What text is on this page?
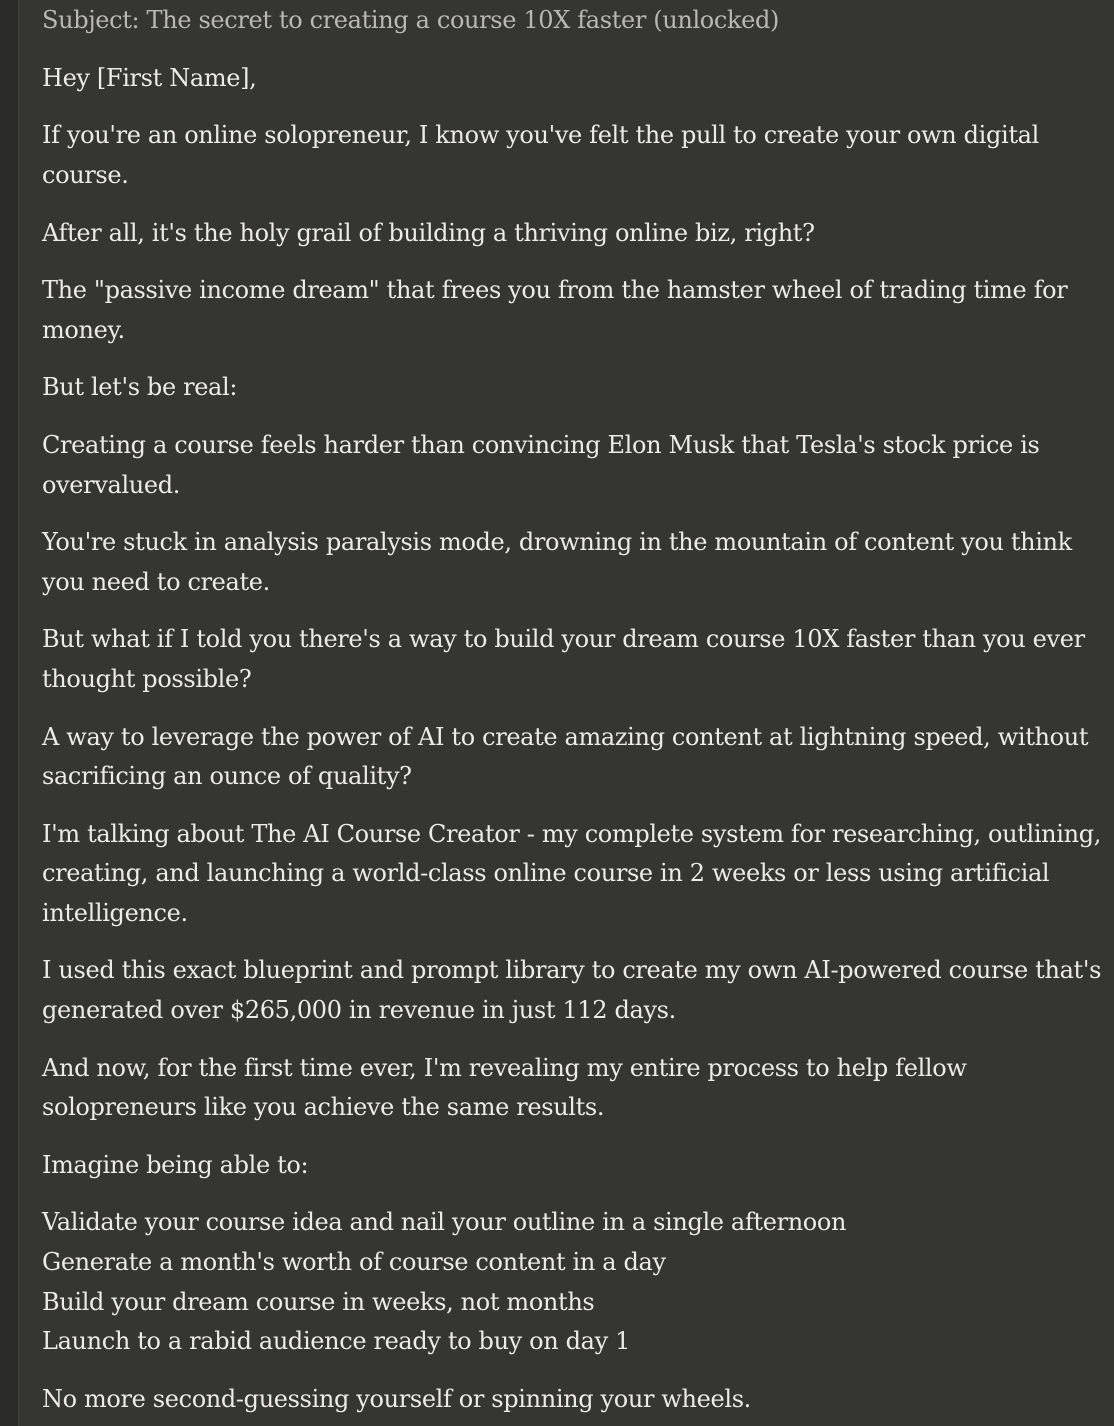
Subject: The secret to creating a course 10X faster (unlocked)
Hey [First Name],
If you're an online solopreneur, I know you've felt the pull to create your own digital
course.
After all, it's the holy grail of building a thriving online biz, right?
The "passive income dream" that frees you from the hamster wheel of trading time for
money.
But let's be real:
Creating a course feels harder than convincing Elon Musk that Tesla's stock price is
overvalued.
You're stuck in analysis paralysis mode, drowning in the mountain of content you think
you need to create.
But what if I told you there's a way to build your dream course 10X faster than you ever
thought possible?
A way to leverage the power of AI to create amazing content at lightning speed, without
sacrificing an ounce of quality?
I'm talking about The AI Course Creator - my complete system for researching, outlining,
creating, and launching a world-class online course in 2 weeks or less using artificial
intelligence.
I used this exact blueprint and prompt library to create my own AI-powered course that's
generated over $265,000 in revenue in just 112 days.
And now, for the first time ever, I'm revealing my entire process to help fellow
solopreneurs like you achieve the same results.
Imagine being able to:
Validate your course idea and nail your outline in a single afternoon
Generate a month's worth of course content in a day
Build your dream course in weeks, not months
Launch to a rabid audience ready to buy on day 1
No more second-guessing yourself or spinning your wheels.
